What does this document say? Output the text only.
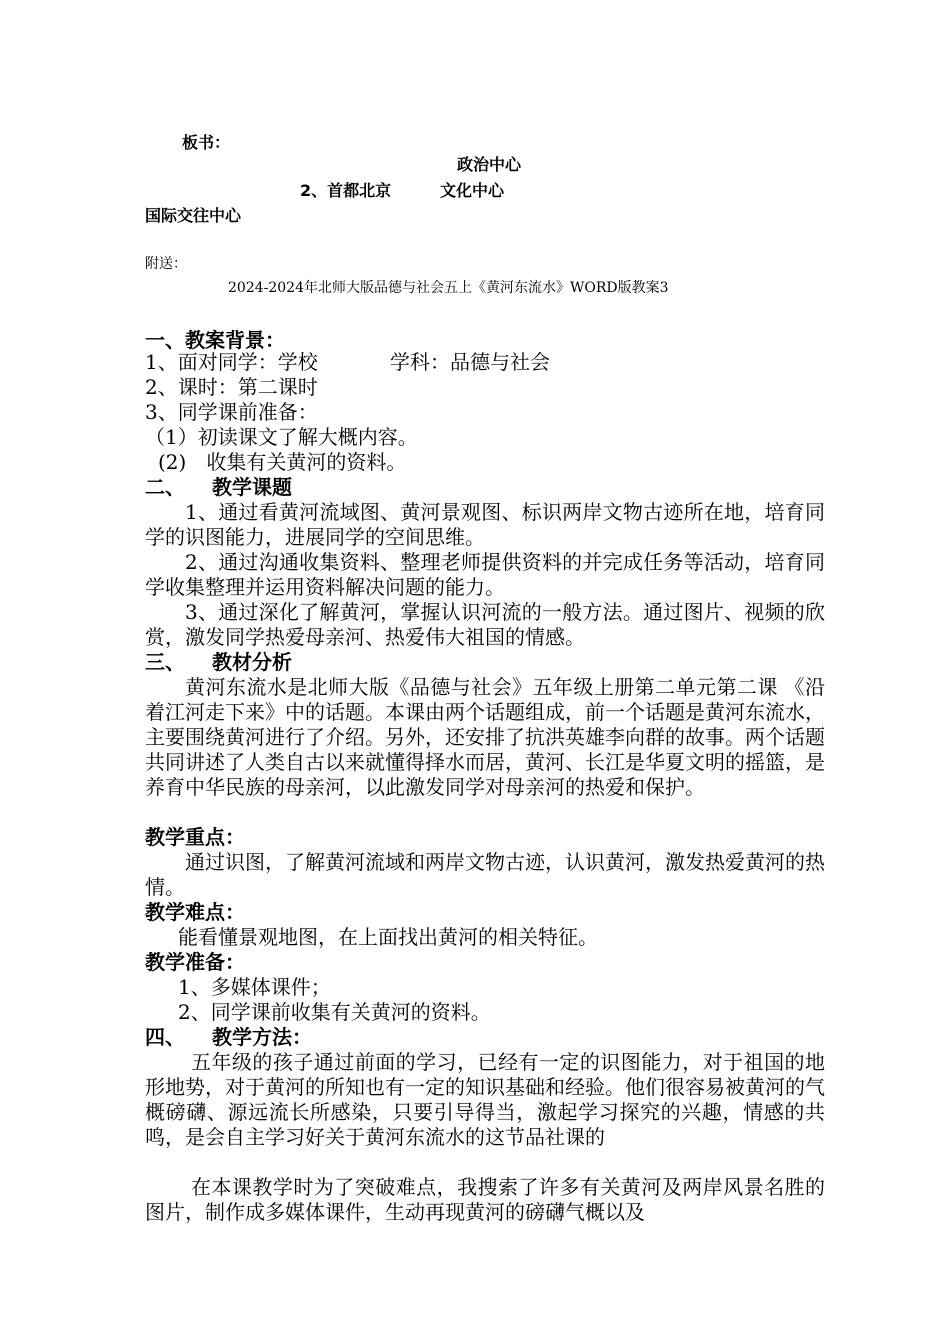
板书：
政治中心
2、首都北京	文化中心
国际交往中心
附送：
2024-2024年北师大版品德与社会五上《黄河东流水》WORD版教案3
一、教案背景：
1、面对同学：学校	学科：品德与社会
2、课时：第二课时
3、同学课前准备：
（1）初读课文了解大概内容。
(2)　收集有关黄河的资料。
二、 教学课题
1、通过看黄河流域图、黄河景观图、标识两岸文物古迹所在地，培育同学的识图能力，进展同学的空间思维。
2、通过沟通收集资料、整理老师提供资料的并完成任务等活动，培育同学收集整理并运用资料解决问题的能力。
3、通过深化了解黄河，掌握认识河流的一般方法。通过图片、视频的欣赏，激发同学热爱母亲河、热爱伟大祖国的情感。
三、 教材分析
黄河东流水是北师大版《品德与社会》五年级上册第二单元第二课 《沿着江河走下来》中的话题。本课由两个话题组成，前一个话题是黄河东流水，主要围绕黄河进行了介绍。另外，还安排了抗洪英雄李向群的故事。两个话题共同讲述了人类自古以来就懂得择水而居，黄河、长江是华夏文明的摇篮，是养育中华民族的母亲河，以此激发同学对母亲河的热爱和保护。
教学重点：
通过识图，了解黄河流域和两岸文物古迹，认识黄河，激发热爱黄河的热情。
教学难点：
能看懂景观地图，在上面找出黄河的相关特征。
教学准备：
1、多媒体课件；
2、同学课前收集有关黄河的资料。
四、 教学方法：
五年级的孩子通过前面的学习，已经有一定的识图能力，对于祖国的地形地势，对于黄河的所知也有一定的知识基础和经验。他们很容易被黄河的气概磅礴、源远流长所感染，只要引导得当，激起学习探究的兴趣，情感的共鸣，是会自主学习好关于黄河东流水的这节品社课的
在本课教学时为了突破难点，我搜索了许多有关黄河及两岸风景名胜的图片，制作成多媒体课件，生动再现黄河的磅礴气概以及
